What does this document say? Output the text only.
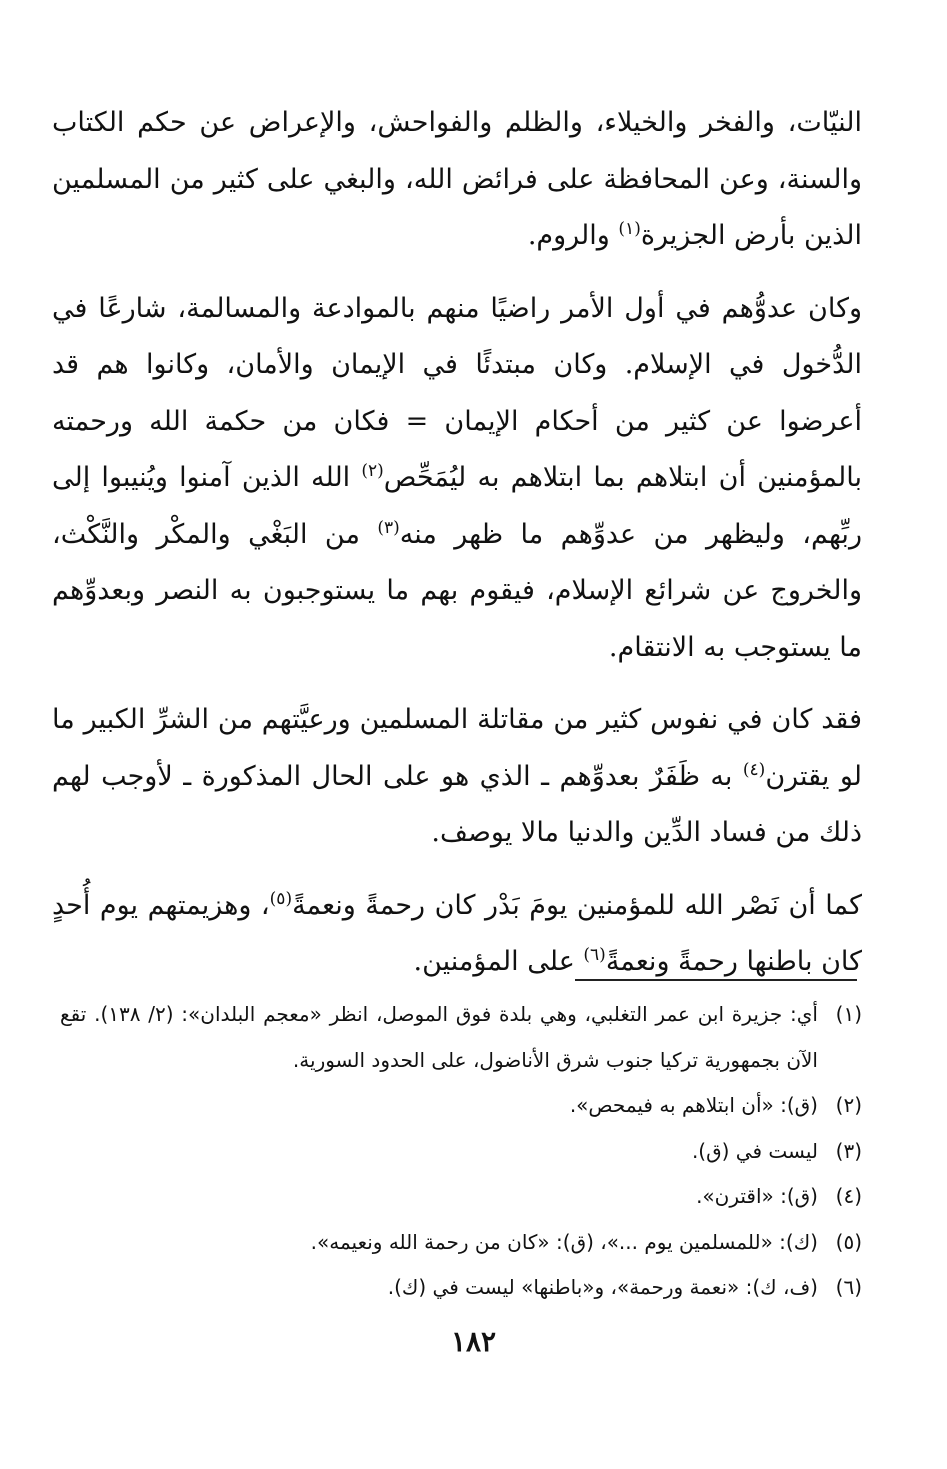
النيّات، والفخر والخيلاء، والظلم والفواحش، والإعراض عن حكم الكتاب والسنة، وعن المحافظة على فرائض الله، والبغي على كثير من المسلمين الذين بأرض الجزيرة$^{(١)}$ والروم.

وكان عدوُّهم في أول الأمر راضيًا منهم بالموادعة والمسالمة، شارعًا في الدُّخول في الإسلام. وكان مبتدئًا في الإيمان والأمان، وكانوا هم قد أعرضوا عن كثير من أحكام الإيمان = فكان من حكمة الله ورحمته بالمؤمنين أن ابتلاهم بما ابتلاهم به ليُمَحِّص$^{(٢)}$ الله الذين آمنوا ويُنيبوا إلى ربِّهم، وليظهر من عدوِّهم ما ظهر منه$^{(٣)}$ من البَغْي والمكْر والنَّكْث، والخروج عن شرائع الإسلام، فيقوم بهم ما يستوجبون به النصر وبعدوِّهم ما يستوجب به الانتقام.

فقد كان في نفوس كثير من مقاتلة المسلمين ورعيَّتهم من الشرِّ الكبير ما لو يقترن$^{(٤)}$ به ظَفَرٌ بعدوِّهم ـ الذي هو على الحال المذكورة ـ لأوجب لهم ذلك من فساد الدِّين والدنيا مالا يوصف.

كما أن نَصْر الله للمؤمنين يومَ بَدْر كان رحمةً ونعمةً$^{(٥)}$، وهزيمتهم يوم أُحدٍ كان باطنها رحمةً ونعمةً$^{(٦)}$ على المؤمنين.

(١)
أي: جزيرة ابن عمر التغلبي، وهي بلدة فوق الموصل، انظر «معجم البلدان»: (٢/ ١٣٨). تقع الآن بجمهورية تركيا جنوب شرق الأناضول، على الحدود السورية.
(٢)
(ق): «أن ابتلاهم به فيمحص».
(٣)
ليست في (ق).
(٤)
(ق): «اقترن».
(٥)
(ك): «للمسلمين يوم ...»، (ق): «كان من رحمة الله ونعيمه».
(٦)
(ف، ك): «نعمة ورحمة»، و«باطنها» ليست في (ك).
١٨٢
